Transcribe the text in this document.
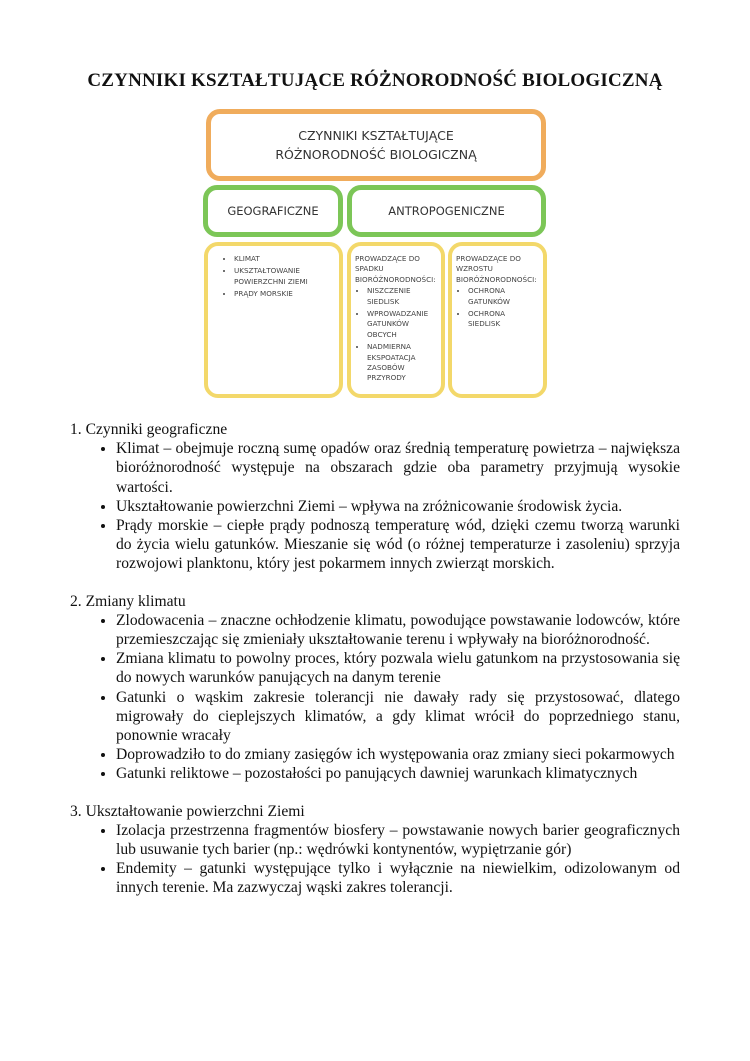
CZYNNIKI KSZTAŁTUJĄCE RÓŻNORODNOŚĆ BIOLOGICZNĄ
CZYNNIKI KSZTAŁTUJĄCE
RÓŻNORODNOŚĆ BIOLOGICZNĄ
GEOGRAFICZNE	ANTROPOGENICZNE
• KLIMAT
• UKSZTAŁTOWANIE POWIERZCHNI ZIEMI
• PRĄDY MORSKIE
PROWADZĄCE DO SPADKU BIORÓŻNORODNOŚCI:
• NISZCZENIE SIEDLISK
• WPROWADZANIE GATUNKÓW OBCYCH
• NADMIERNA EKSPOATACJA ZASOBÓW PRZYRODY
PROWADZĄCE DO WZROSTU BIORÓŻNORODNOŚCI:
• OCHRONA GATUNKÓW
• OCHRONA SIEDLISK

1. Czynniki geograficzne

• Klimat – obejmuje roczną sumę opadów oraz średnią temperaturę powietrza – największa bioróżnorodność występuje na obszarach gdzie oba parametry przyjmują wysokie wartości.
• Ukształtowanie powierzchni Ziemi – wpływa na zróżnicowanie środowisk życia.
• Prądy morskie – ciepłe prądy podnoszą temperaturę wód, dzięki czemu tworzą warunki do życia wielu gatunków. Mieszanie się wód (o różnej temperaturze i zasoleniu) sprzyja rozwojowi planktonu, który jest pokarmem innych zwierząt morskich.

2. Zmiany klimatu

• Zlodowacenia – znaczne ochłodzenie klimatu, powodujące powstawanie lodowców, które przemieszczając się zmieniały ukształtowanie terenu i wpływały na bioróżnorodność.
• Zmiana klimatu to powolny proces, który pozwala wielu gatunkom na przystosowania się do nowych warunków panujących na danym terenie
• Gatunki o wąskim zakresie tolerancji nie dawały rady się przystosować, dlatego migrowały do cieplejszych klimatów, a gdy klimat wrócił do poprzedniego stanu, ponownie wracały
• Doprowadziło to do zmiany zasięgów ich występowania oraz zmiany sieci pokarmowych
• Gatunki reliktowe – pozostałości po panujących dawniej warunkach klimatycznych

3. Ukształtowanie powierzchni Ziemi

• Izolacja przestrzenna fragmentów biosfery – powstawanie nowych barier geograficznych lub usuwanie tych barier (np.: wędrówki kontynentów, wypiętrzanie gór)
• Endemity – gatunki występujące tylko i wyłącznie na niewielkim, odizolowanym od innych terenie. Ma zazwyczaj wąski zakres tolerancji.
